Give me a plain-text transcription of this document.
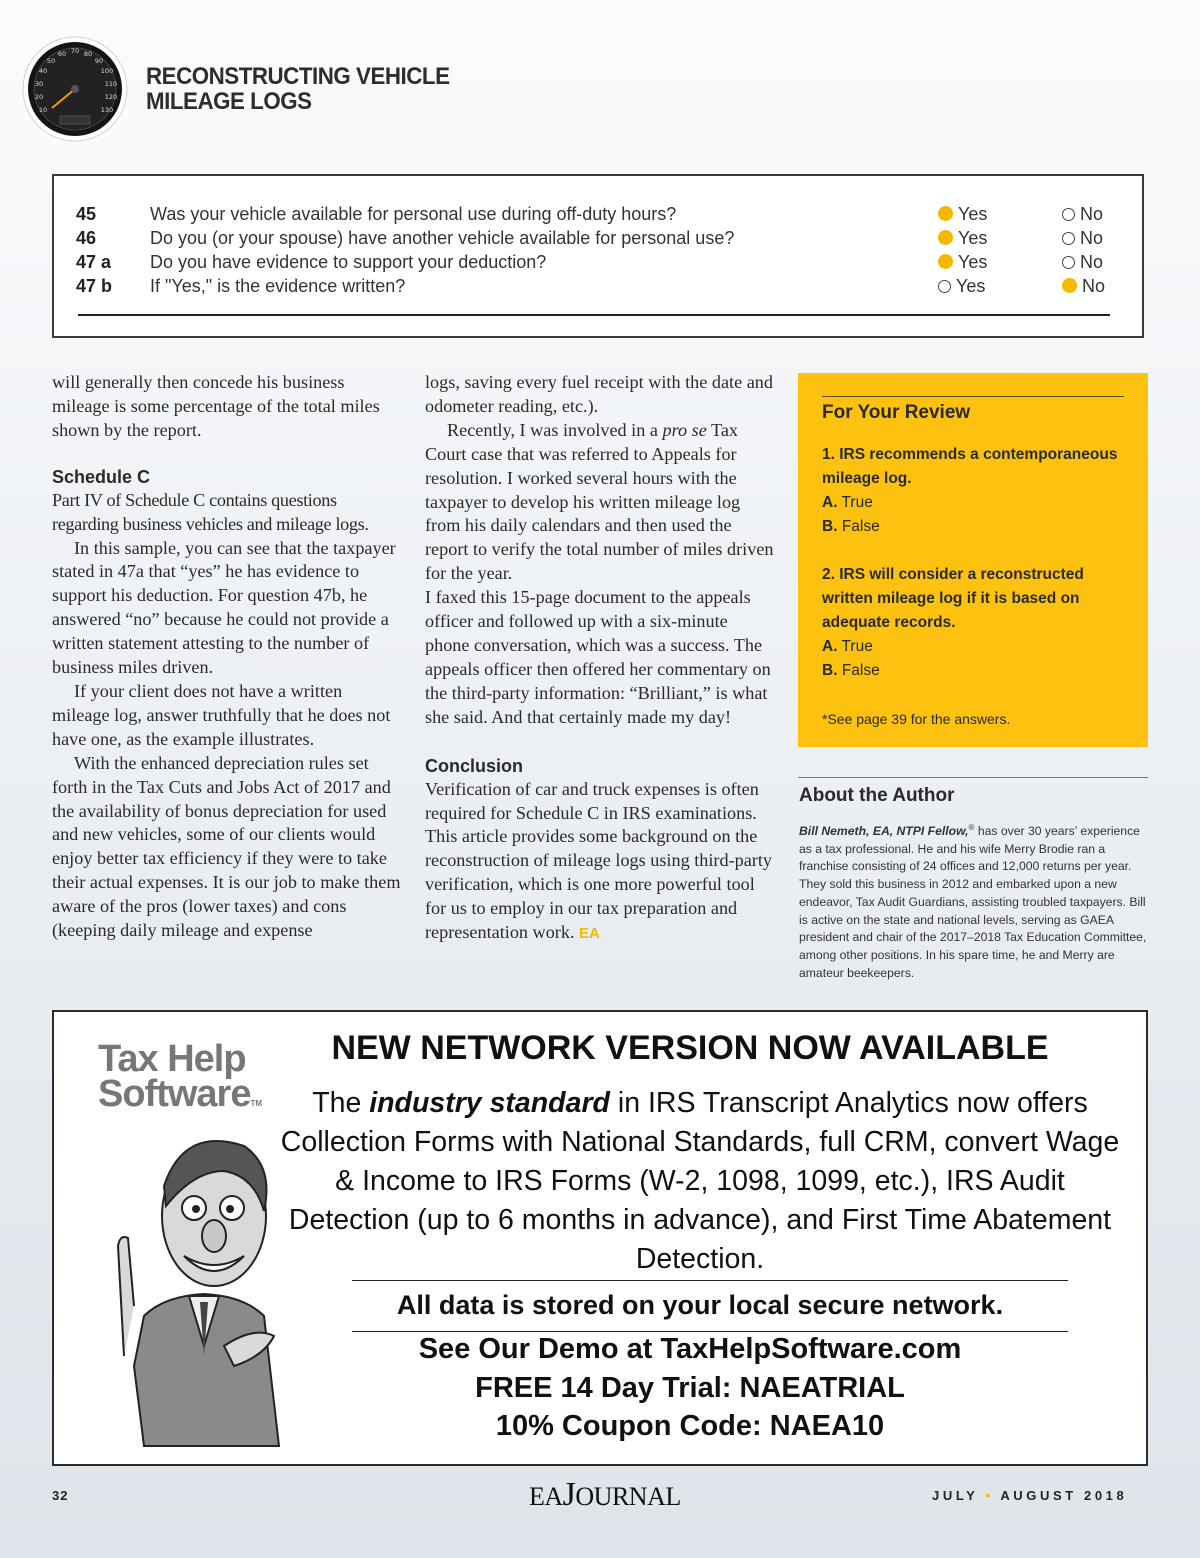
10
20
30
40
50
60 70 80
90
100
110
120
130
RECONSTRUCTING VEHICLE
MILEAGE LOGS
45	Was your vehicle available for personal use during off-duty hours?	Yes	No
46	Do you (or your spouse) have another vehicle available for personal use?	Yes	No
47 a Do you have evidence to support your deduction?	Yes	No
47 b If "Yes," is the evidence written?	Yes	No

will generally then concede his business mileage is some percentage of the total miles shown by the report.

Schedule C

Part IV of Schedule C contains questions regarding business vehicles and mileage logs.

In this sample, you can see that the taxpayer stated in 47a that “yes” he has evidence to support his deduction. For question 47b, he answered “no” because he could not provide a written statement attesting to the number of business miles driven.

If your client does not have a written mileage log, answer truthfully that he does not have one, as the example illustrates.

With the enhanced depreciation rules set forth in the Tax Cuts and Jobs Act of 2017 and the availability of bonus depreciation for used and new vehicles, some of our clients would enjoy better tax efficiency if they were to take their actual expenses. It is our job to make them aware of the pros (lower taxes) and cons (keeping daily mileage and expense

logs, saving every fuel receipt with the date and odometer reading, etc.).

Recently, I was involved in a pro se Tax Court case that was referred to Appeals for resolution. I worked several hours with the taxpayer to develop his written mileage log from his daily calendars and then used the report to verify the total number of miles driven for the year.

I faxed this 15-page document to the appeals officer and followed up with a six-minute phone conversation, which was a success. The appeals officer then offered her commentary on the third-party information: “Brilliant,” is what she said. And that certainly made my day!

Conclusion

Verification of car and truck expenses is often required for Schedule C in IRS examinations. This article provides some background on the reconstruction of mileage logs using third-party verification, which is one more powerful tool for us to employ in our tax preparation and representation work. EA

For Your Review
1. IRS recommends a contemporaneous mileage log.
A. True
B. False
2. IRS will consider a reconstructed written mileage log if it is based on adequate records.
A. True
B. False
*See page 39 for the answers.
About the Author
Bill Nemeth, EA, NTPI Fellow,® has over 30 years’ experience as a tax professional. He and his wife Merry Brodie ran a franchise consisting of 24 offices and 12,000 returns per year. They sold this business in 2012 and embarked upon a new endeavor, Tax Audit Guardians, assisting troubled taxpayers. Bill is active on the state and national levels, serving as GAEA president and chair of the 2017–2018 Tax Education Committee, among other positions. In his spare time, he and Merry are amateur beekeepers.
Tax Help
SoftwareTM
NEW NETWORK VERSION NOW AVAILABLE
The industry standard in IRS Transcript Analytics now offers Collection Forms with National Standards, full CRM, convert Wage & Income to IRS Forms (W-2, 1098, 1099, etc.), IRS Audit Detection (up to 6 months in advance), and First Time Abatement Detection.
All data is stored on your local secure network.
See Our Demo at TaxHelpSoftware.com
FREE 14 Day Trial: NAEATRIAL
10% Coupon Code: NAEA10
32	EAJOURNAL	JULY • AUGUST 2018
